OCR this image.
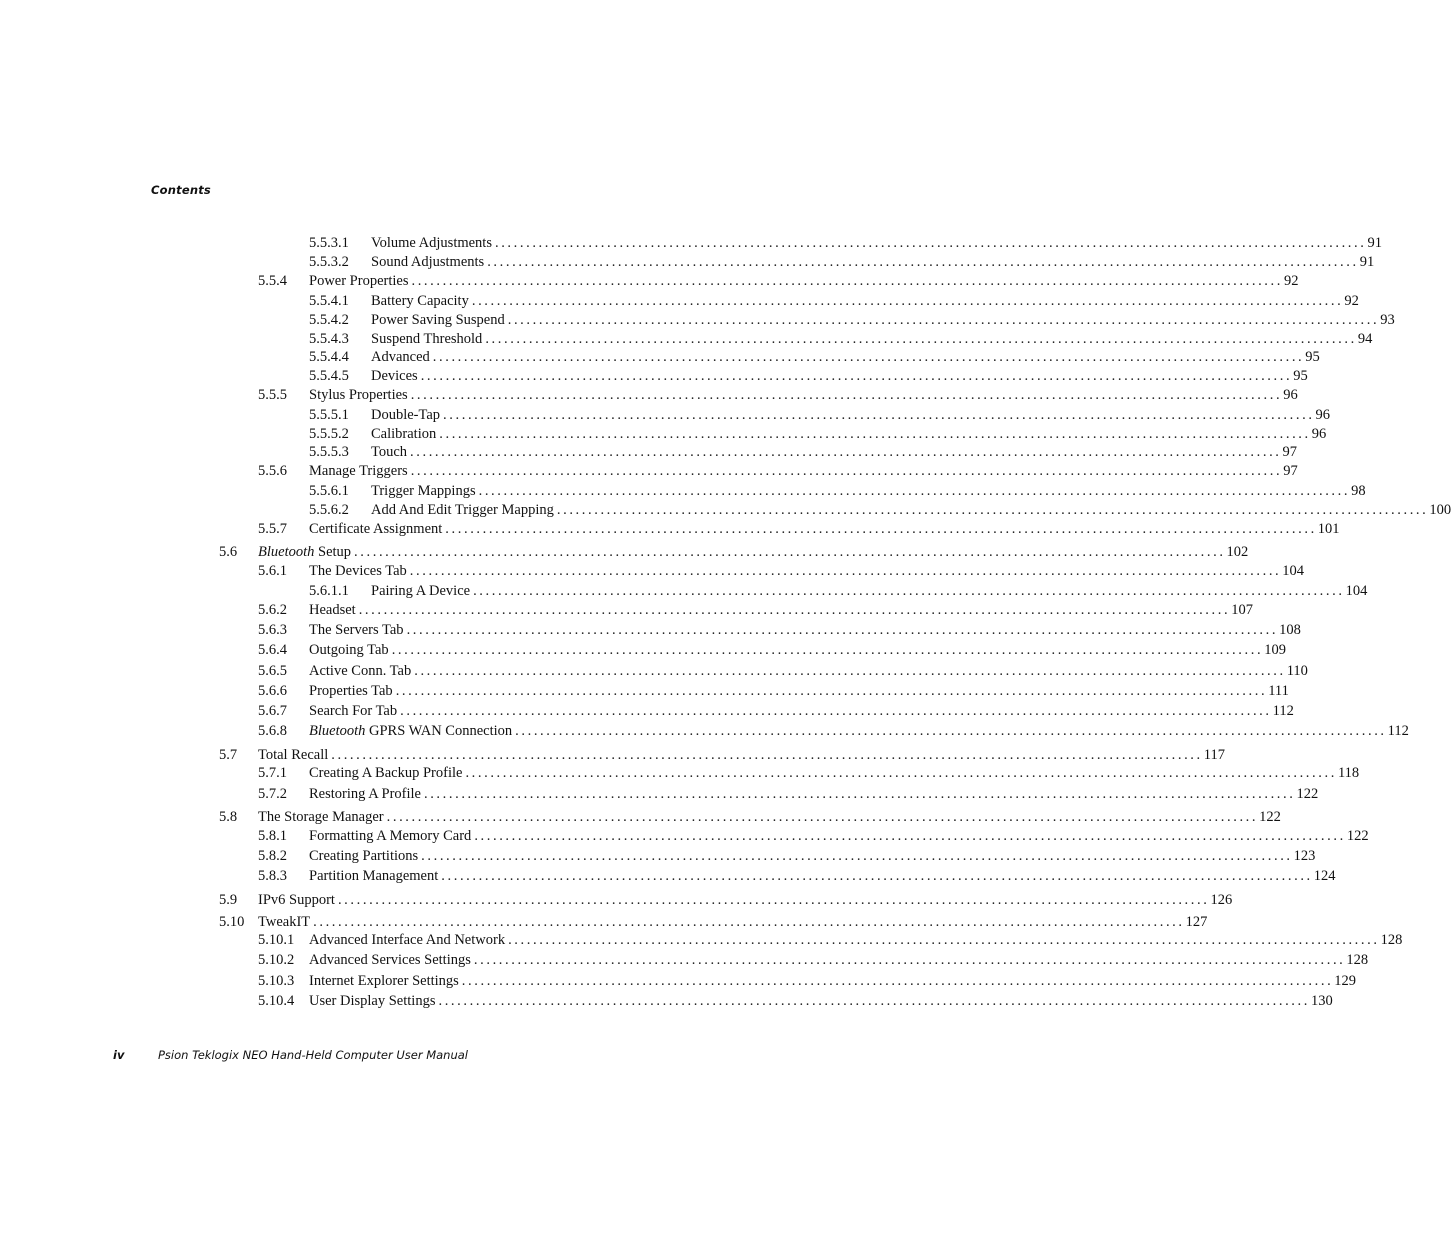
Contents
5.5.3.1	Volume Adjustments ............................................................................................................................................ 91
5.5.3.2	Sound Adjustments ............................................................................................................................................ 91
5.5.4	Power Properties ............................................................................................................................................ 92
5.5.4.1	Battery Capacity ............................................................................................................................................ 92
5.5.4.2	Power Saving Suspend ............................................................................................................................................ 93
5.5.4.3	Suspend Threshold ............................................................................................................................................ 94
5.5.4.4	Advanced ............................................................................................................................................ 95
5.5.4.5	Devices ............................................................................................................................................ 95
5.5.5	Stylus Properties ............................................................................................................................................ 96
5.5.5.1	Double-Tap ............................................................................................................................................ 96
5.5.5.2	Calibration ............................................................................................................................................ 96
5.5.5.3	Touch ............................................................................................................................................ 97
5.5.6	Manage Triggers ............................................................................................................................................ 97
5.5.6.1	Trigger Mappings ............................................................................................................................................ 98
5.5.6.2	Add And Edit Trigger Mapping ............................................................................................................................................ 100
5.5.7	Certificate Assignment ............................................................................................................................................ 101
5.6	Bluetooth Setup ............................................................................................................................................ 102
5.6.1	The Devices Tab ............................................................................................................................................ 104
5.6.1.1	Pairing A Device ............................................................................................................................................ 104
5.6.2	Headset ............................................................................................................................................ 107
5.6.3	The Servers Tab ............................................................................................................................................ 108
5.6.4	Outgoing Tab ............................................................................................................................................ 109
5.6.5	Active Conn. Tab ............................................................................................................................................ 110
5.6.6	Properties Tab ............................................................................................................................................ 111
5.6.7	Search For Tab ............................................................................................................................................ 112
5.6.8	Bluetooth GPRS WAN Connection ............................................................................................................................................ 112
5.7	Total Recall ............................................................................................................................................ 117
5.7.1	Creating A Backup Profile ............................................................................................................................................ 118
5.7.2	Restoring A Profile ............................................................................................................................................ 122
5.8	The Storage Manager ............................................................................................................................................ 122
5.8.1	Formatting A Memory Card ............................................................................................................................................ 122
5.8.2	Creating Partitions ............................................................................................................................................ 123
5.8.3	Partition Management ............................................................................................................................................ 124
5.9	IPv6 Support ............................................................................................................................................ 126
5.10 TweakIT ............................................................................................................................................ 127
5.10.1	Advanced Interface And Network ............................................................................................................................................ 128
5.10.2	Advanced Services Settings ............................................................................................................................................ 128
5.10.3	Internet Explorer Settings ............................................................................................................................................ 129
5.10.4	User Display Settings ............................................................................................................................................ 130
iv	Psion Teklogix NEO Hand-Held Computer User Manual
